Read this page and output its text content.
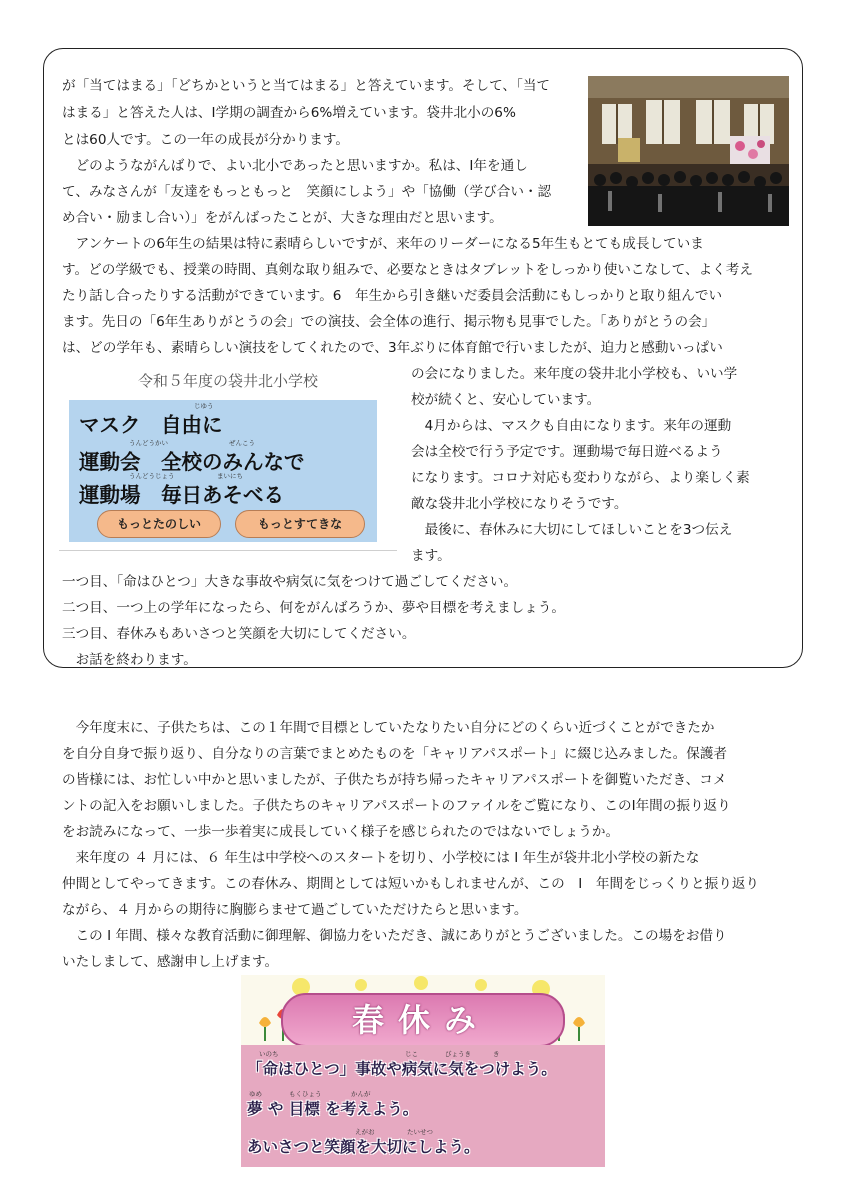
が「当てはまる」「どちかというと当てはまる」と答えています。そして、「当て

はまる」と答えた人は、Ⅰ学期の調査から6%増えています。袋井北小の6%

とは60人です。この一年の成長が分かります。

　どのようながんばりで、よい北小であったと思いますか。私は、Ⅰ年を通し

て、みなさんが「友達をもっともっと　笑顔にしよう」や「協働（学び合い・認

め合い・励まし合い）」をがんばったことが、大きな理由だと思います。

　アンケートの6年生の結果は特に素晴らしいですが、来年のリーダーになる5年生もとても成長していま

す。どの学級でも、授業の時間、真剣な取り組みで、必要なときはタブレットをしっかり使いこなして、よく考え

たり話し合ったりする活動ができています。6　年生から引き継いだ委員会活動にもしっかりと取り組んでい

ます。先日の「6年生ありがとうの会」での演技、会全体の進行、掲示物も見事でした。「ありがとうの会」

は、どの学年も、素晴らしい演技をしてくれたので、3年ぶりに体育館で行いましたが、迫力と感動いっぱい

の会になりました。来年度の袋井北小学校も、いい学

校が続くと、安心しています。

　4月からは、マスクも自由になります。来年の運動

会は全校で行う予定です。運動場で毎日遊べるよう

になります。コロナ対応も変わりながら、より楽しく素

敵な袋井北小学校になりそうです。

　最後に、春休みに大切にしてほしいことを3つ伝え

ます。

一つ目、「命はひとつ」大きな事故や病気に気をつけて過ごしてください。

二つ目、一つ上の学年になったら、何をがんばろうか、夢や目標を考えましょう。

三つ目、春休みもあいさつと笑顔を大切にしてください。

　お話を終わります。

令和５年度の袋井北小学校
じゆう
マスク　自由に
うんどうかい	ぜんこう
運動会　全校のみんなで
うんどうじょう	まいにち
運動場　毎日あそべる
もっとたのしい	もっとすてきな

　今年度末に、子供たちは、この１年間で目標としていたなりたい自分にどのくらい近づくことができたか

を自分自身で振り返り、自分なりの言葉でまとめたものを「キャリアパスポート」に綴じ込みました。保護者

の皆様には、お忙しい中かと思いましたが、子供たちが持ち帰ったキャリアパスポートを御覧いただき、コメ

ントの記入をお願いしました。子供たちのキャリアパスポートのファイルをご覧になり、このⅠ年間の振り返り

をお読みになって、一歩一歩着実に成長していく様子を感じられたのではないでしょうか。

　来年度の ４ 月には、６ 年生は中学校へのスタートを切り、小学校には Ⅰ 年生が袋井北小学校の新たな

仲間としてやってきます。この春休み、期間としては短いかもしれませんが、この　Ⅰ　年間をじっくりと振り返り

ながら、４ 月からの期待に胸膨らませて過ごしていただけたらと思います。

　この Ⅰ 年間、様々な教育活動に御理解、御協力をいただき、誠にありがとうございました。この場をお借り

いたしまして、感謝申し上げます。

春休み
いのち	じこ	びょうき	き
「命はひとつ」事故や病気に気をつけよう。
ゆめ	もくひょう	かんが
夢 や 目標 を考えよう。
えがお	たいせつ
あいさつと笑顔を大切にしよう。
